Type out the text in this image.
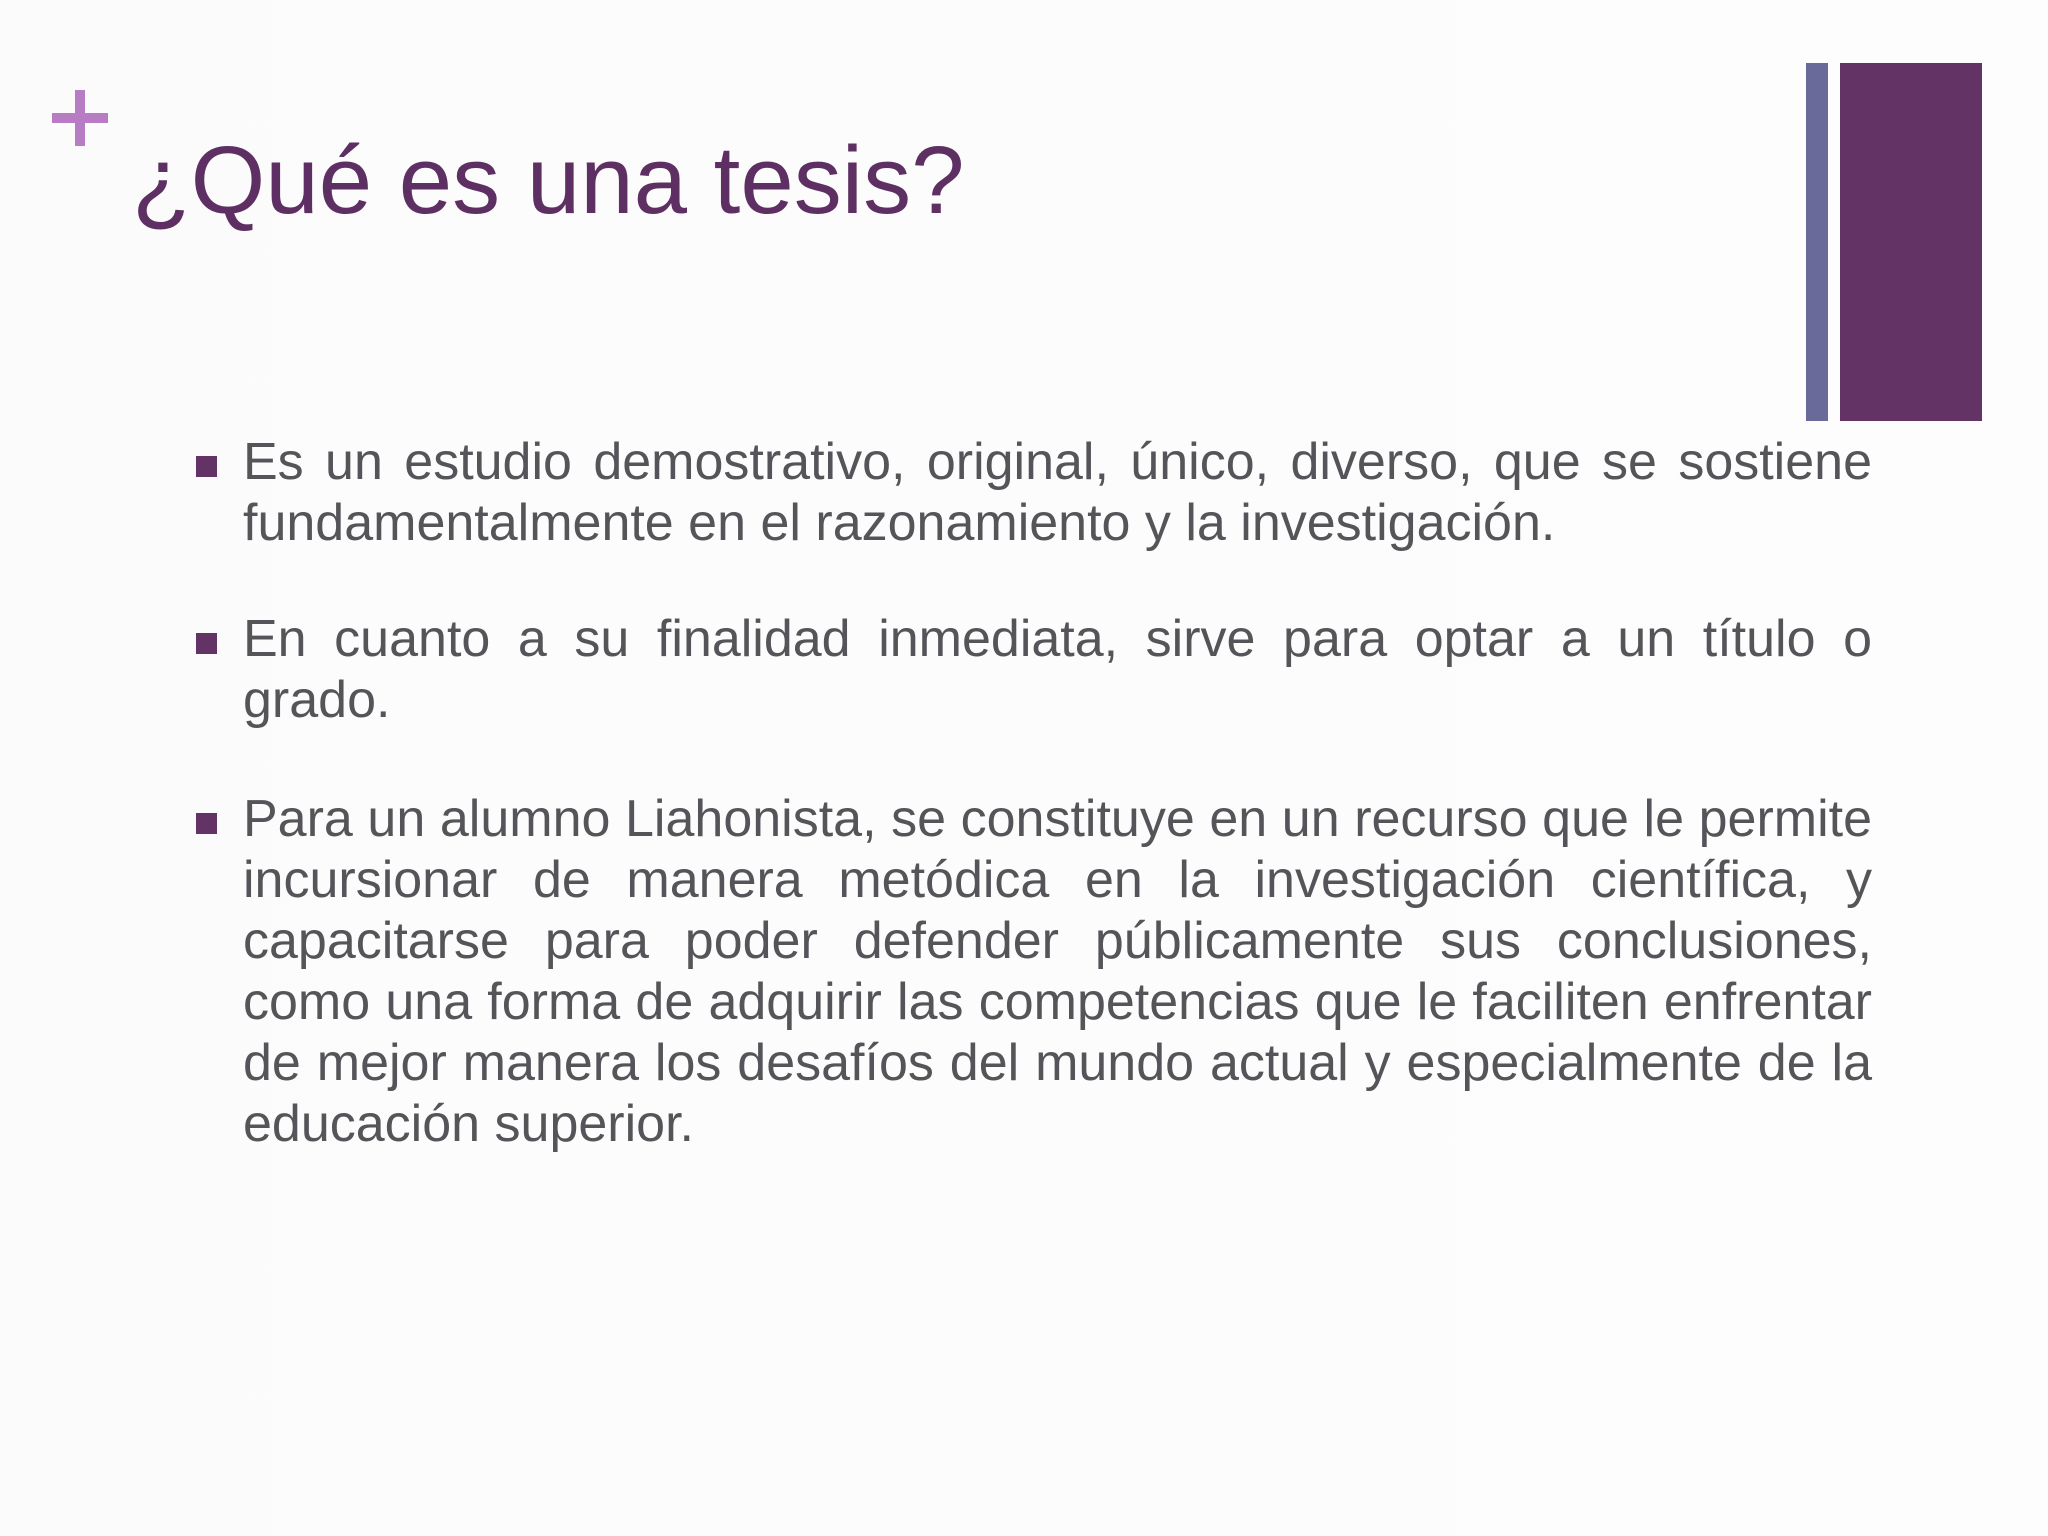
¿Qué es una tesis?
Es un estudio demostrativo, original, único, diverso, que se sostiene fundamentalmente en el razonamiento y la investigación.
En cuanto a su finalidad inmediata, sirve para optar a un título o grado.
Para un alumno Liahonista, se constituye en un recurso que le permite incursionar de manera metódica en la investigación científica, y capacitarse para poder defender públicamente sus conclusiones, como una forma de adquirir las competencias que le faciliten enfrentar de mejor manera los desafíos del mundo actual y especialmente de la educación superior.
